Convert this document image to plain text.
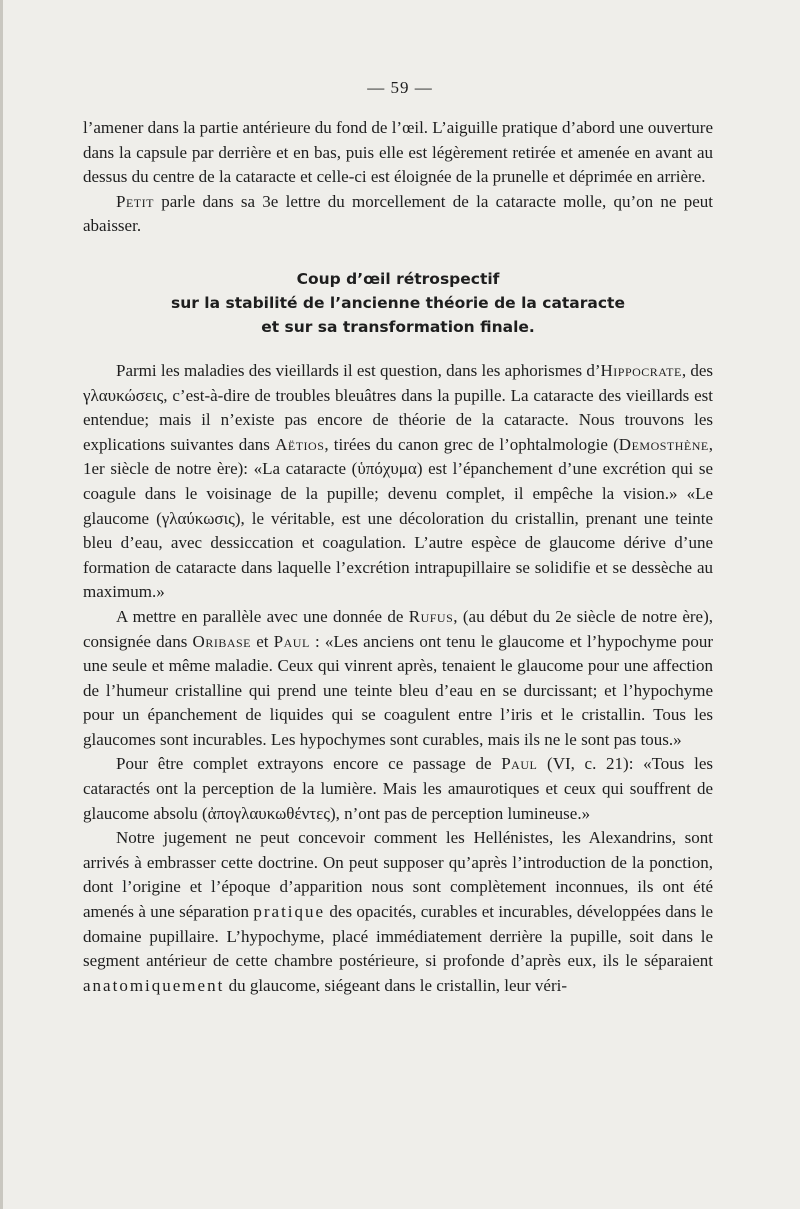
— 59 —

l’amener dans la partie antérieure du fond de l’œil. L’aiguille pratique d’abord une ouverture dans la capsule par derrière et en bas, puis elle est légèrement retirée et amenée en avant au dessus du centre de la cataracte et celle-ci est éloignée de la prunelle et déprimée en arrière.

Petit parle dans sa 3e lettre du morcellement de la cataracte molle, qu’on ne peut abaisser.

Coup d’œil rétrospectif
sur la stabilité de l’ancienne théorie de la cataracte
et sur sa transformation finale.

Parmi les maladies des vieillards il est question, dans les aphorismes d’Hippocrate, des γλαυκώσεις, c’est-à-dire de troubles bleuâtres dans la pupille. La cataracte des vieillards est entendue; mais il n’existe pas encore de théorie de la cataracte. Nous trouvons les explications suivantes dans Aëtios, tirées du canon grec de l’ophtalmologie (Demosthène, 1er siècle de notre ère): «La cataracte (ὑπόχυμα) est l’épanchement d’une excrétion qui se coagule dans le voisinage de la pupille; devenu complet, il empêche la vision.» «Le glaucome (γλαύκωσις), le véritable, est une décoloration du cristallin, prenant une teinte bleu d’eau, avec dessiccation et coagulation. L’autre espèce de glaucome dérive d’une formation de cataracte dans laquelle l’excrétion intrapupillaire se solidifie et se dessèche au maximum.»

A mettre en parallèle avec une donnée de Rufus, (au début du 2e siècle de notre ère), consignée dans Oribase et Paul : «Les anciens ont tenu le glaucome et l’hypochyme pour une seule et même maladie. Ceux qui vinrent après, tenaient le glaucome pour une affection de l’humeur cristalline qui prend une teinte bleu d’eau en se durcissant; et l’hypochyme pour un épanchement de liquides qui se coagulent entre l’iris et le cristallin. Tous les glaucomes sont incurables. Les hypochymes sont curables, mais ils ne le sont pas tous.»

Pour être complet extrayons encore ce passage de Paul (VI, c. 21): «Tous les cataractés ont la perception de la lumière. Mais les amaurotiques et ceux qui souffrent de glaucome absolu (ἀπογλαυκωθέντες), n’ont pas de perception lumineuse.»

Notre jugement ne peut concevoir comment les Hellénistes, les Alexandrins, sont arrivés à embrasser cette doctrine. On peut supposer qu’après l’introduction de la ponction, dont l’origine et l’époque d’apparition nous sont complètement inconnues, ils ont été amenés à une séparation pratique des opacités, curables et incurables, développées dans le domaine pupillaire. L’hypochyme, placé immédiatement derrière la pupille, soit dans le segment antérieur de cette chambre postérieure, si profonde d’après eux, ils le séparaient anatomiquement du glaucome, siégeant dans le cristallin, leur véri-
